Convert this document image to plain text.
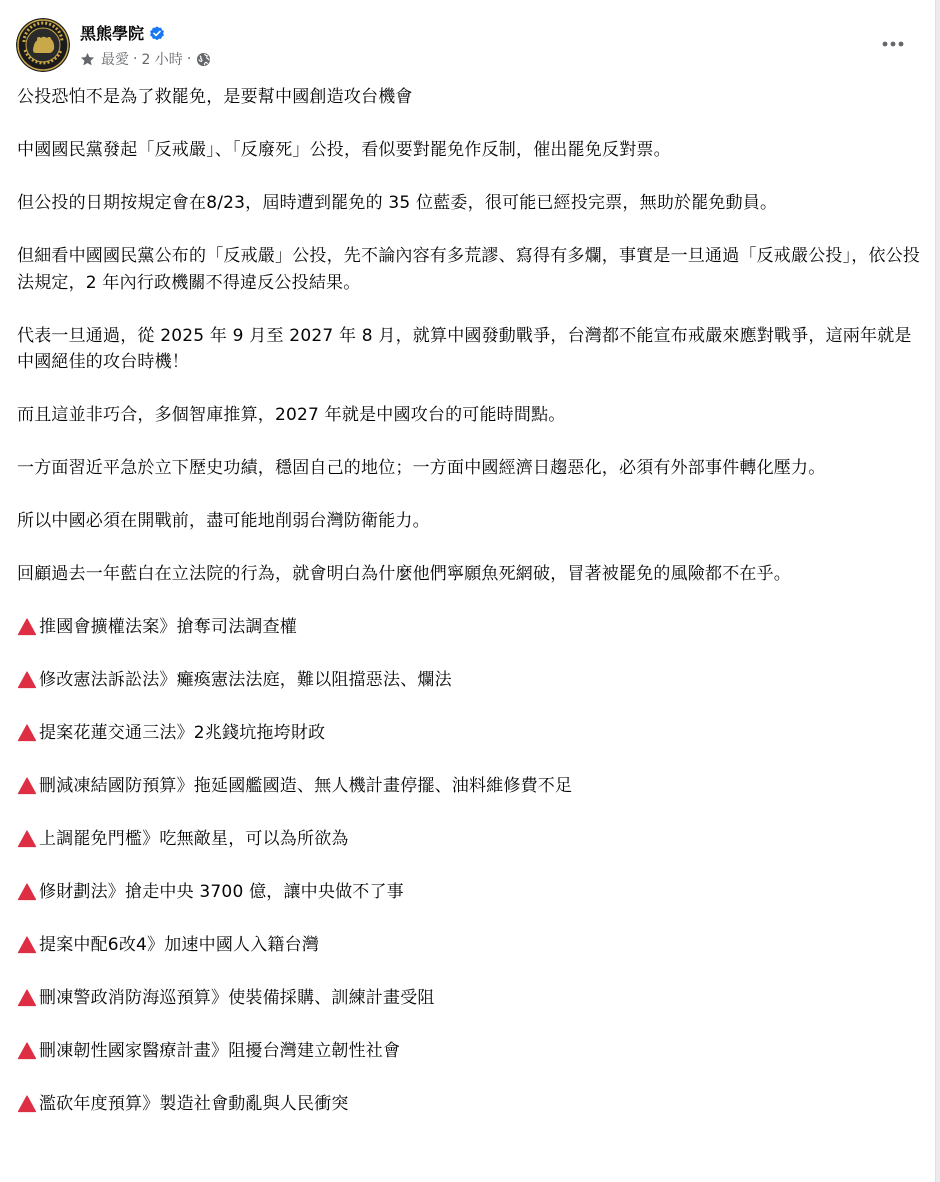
黑熊學院
最愛 · 2 小時 ·

公投恐怕不是為了救罷免，是要幫中國創造攻台機會

中國國民黨發起「反戒嚴」、「反廢死」公投，看似要對罷免作反制，催出罷免反對票。

但公投的日期按規定會在8/23，屆時遭到罷免的 35 位藍委，很可能已經投完票，無助於罷免動員。

但細看中國國民黨公布的「反戒嚴」公投，先不論內容有多荒謬、寫得有多爛，事實是一旦通過「反戒嚴公投」，依公投法規定，2 年內行政機關不得違反公投結果。

代表一旦通過，從 2025 年 9 月至 2027 年 8 月，就算中國發動戰爭，台灣都不能宣布戒嚴來應對戰爭，這兩年就是中國絕佳的攻台時機！

而且這並非巧合，多個智庫推算，2027 年就是中國攻台的可能時間點。

一方面習近平急於立下歷史功績，穩固自己的地位；一方面中國經濟日趨惡化，必須有外部事件轉化壓力。

所以中國必須在開戰前，盡可能地削弱台灣防衛能力。

回顧過去一年藍白在立法院的行為，就會明白為什麼他們寧願魚死網破，冒著被罷免的風險都不在乎。

推國會擴權法案》搶奪司法調查權
修改憲法訴訟法》癱瘓憲法法庭，難以阻擋惡法、爛法
提案花蓮交通三法》2兆錢坑拖垮財政
刪減凍結國防預算》拖延國艦國造、無人機計畫停擺、油料維修費不足
上調罷免門檻》吃無敵星，可以為所欲為
修財劃法》搶走中央 3700 億，讓中央做不了事
提案中配6改4》加速中國人入籍台灣
刪凍警政消防海巡預算》使裝備採購、訓練計畫受阻
刪凍韌性國家醫療計畫》阻擾台灣建立韌性社會
濫砍年度預算》製造社會動亂與人民衝突
